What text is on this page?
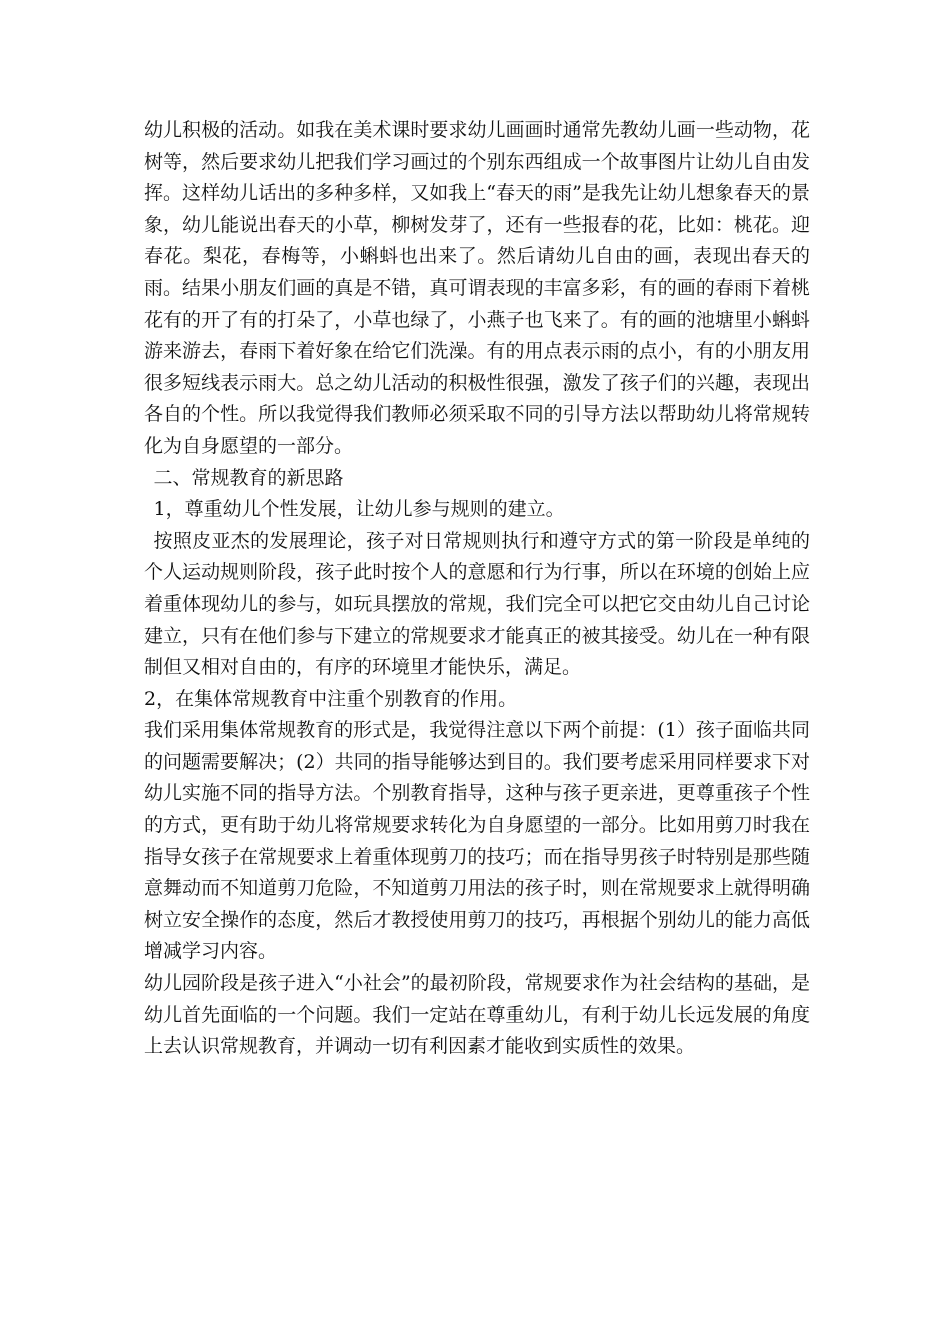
幼儿积极的活动。如我在美术课时要求幼儿画画时通常先教幼儿画一些动物，花树等，然后要求幼儿把我们学习画过的个别东西组成一个故事图片让幼儿自由发挥。这样幼儿话出的多种多样，又如我上“春天的雨”是我先让幼儿想象春天的景象，幼儿能说出春天的小草，柳树发芽了，还有一些报春的花，比如：桃花。迎春花。梨花，春梅等，小蝌蚪也出来了。然后请幼儿自由的画，表现出春天的雨。结果小朋友们画的真是不错，真可谓表现的丰富多彩，有的画的春雨下着桃花有的开了有的打朵了，小草也绿了，小燕子也飞来了。有的画的池塘里小蝌蚪游来游去，春雨下着好象在给它们洗澡。有的用点表示雨的点小，有的小朋友用很多短线表示雨大。总之幼儿活动的积极性很强，激发了孩子们的兴趣，表现出各自的个性。所以我觉得我们教师必须采取不同的引导方法以帮助幼儿将常规转化为自身愿望的一部分。

二、常规教育的新思路

1，尊重幼儿个性发展，让幼儿参与规则的建立。

按照皮亚杰的发展理论，孩子对日常规则执行和遵守方式的第一阶段是单纯的个人运动规则阶段，孩子此时按个人的意愿和行为行事，所以在环境的创始上应着重体现幼儿的参与，如玩具摆放的常规，我们完全可以把它交由幼儿自己讨论建立，只有在他们参与下建立的常规要求才能真正的被其接受。幼儿在一种有限制但又相对自由的，有序的环境里才能快乐，满足。

2，在集体常规教育中注重个别教育的作用。

我们采用集体常规教育的形式是，我觉得注意以下两个前提：(1）孩子面临共同的问题需要解决；(2）共同的指导能够达到目的。我们要考虑采用同样要求下对幼儿实施不同的指导方法。个别教育指导，这种与孩子更亲进，更尊重孩子个性的方式，更有助于幼儿将常规要求转化为自身愿望的一部分。比如用剪刀时我在指导女孩子在常规要求上着重体现剪刀的技巧；而在指导男孩子时特别是那些随意舞动而不知道剪刀危险，不知道剪刀用法的孩子时，则在常规要求上就得明确树立安全操作的态度，然后才教授使用剪刀的技巧，再根据个别幼儿的能力高低增减学习内容。

幼儿园阶段是孩子进入“小社会”的最初阶段，常规要求作为社会结构的基础，是幼儿首先面临的一个问题。我们一定站在尊重幼儿，有利于幼儿长远发展的角度上去认识常规教育，并调动一切有利因素才能收到实质性的效果。
